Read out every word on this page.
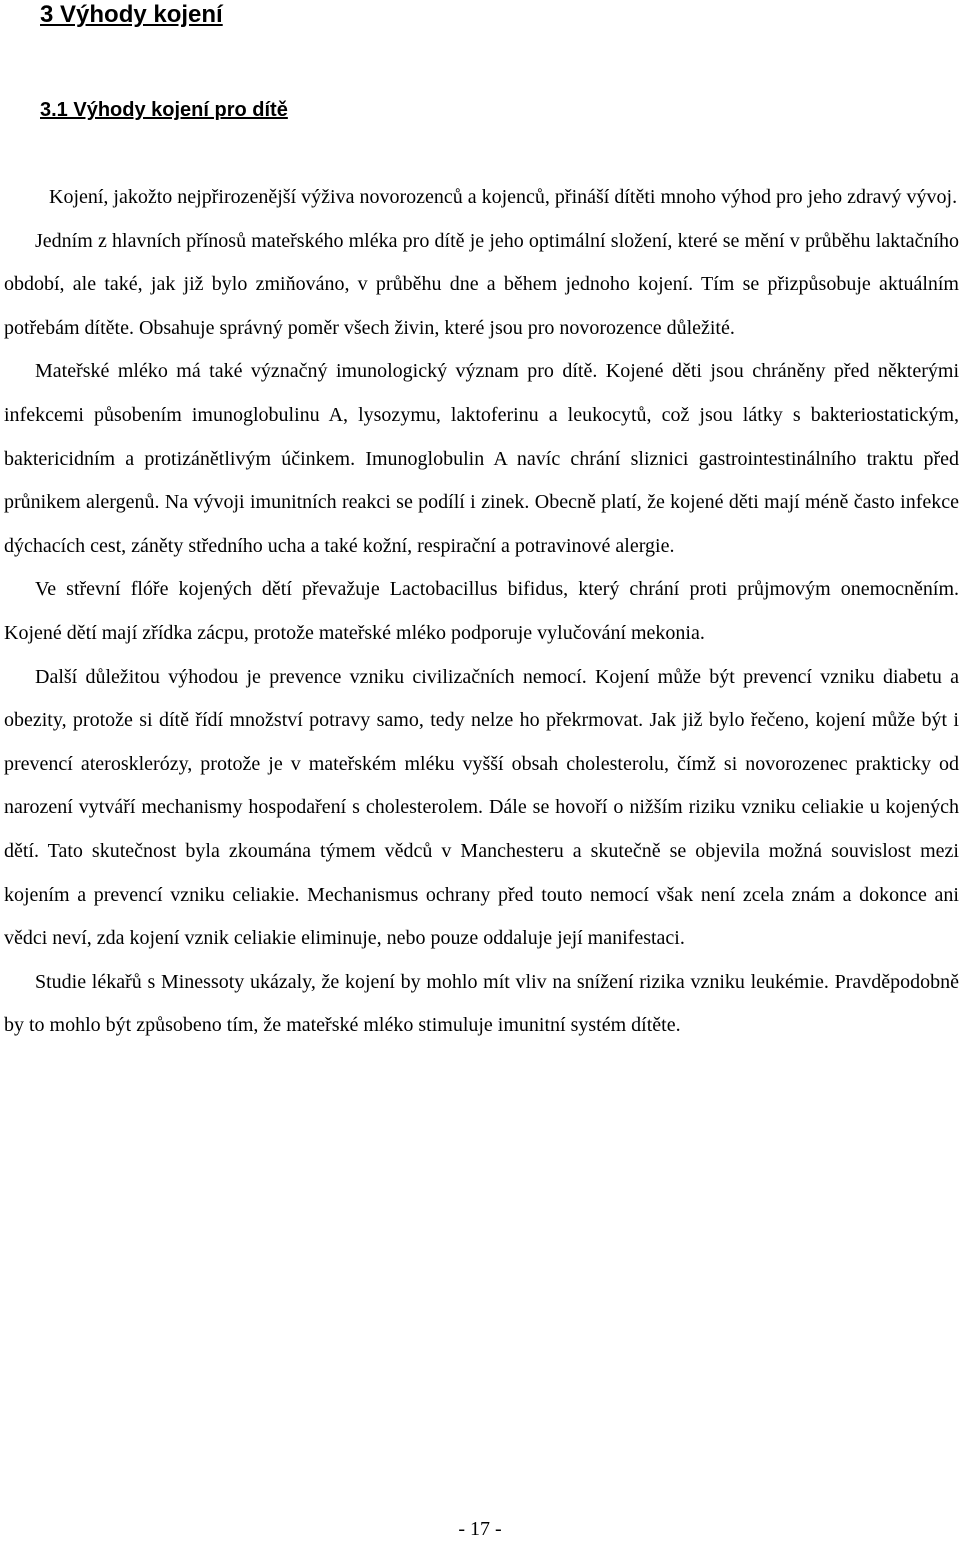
3 Výhody kojení
3.1 Výhody kojení pro dítě

Kojení, jakožto nejpřirozenější výživa novorozenců a kojenců, přináší dítěti mnoho výhod pro jeho zdravý vývoj.

Jedním z hlavních přínosů mateřského mléka pro dítě je jeho optimální složení, které se mění v průběhu laktačního období, ale také, jak již bylo zmiňováno, v průběhu dne a během jednoho kojení. Tím se přizpůsobuje aktuálním potřebám dítěte. Obsahuje správný poměr všech živin, které jsou pro novorozence důležité.

Mateřské mléko má také význačný imunologický význam pro dítě. Kojené děti jsou chráněny před některými infekcemi působením imunoglobulinu A, lysozymu, laktoferinu a leukocytů, což jsou látky s bakteriostatickým, baktericidním a protizánětlivým účinkem. Imunoglobulin A navíc chrání sliznici gastrointestinálního traktu před průnikem alergenů. Na vývoji imunitních reakci se podílí i zinek. Obecně platí, že kojené děti mají méně často infekce dýchacích cest, záněty středního ucha a také kožní, respirační a potravinové alergie.

Ve střevní flóře kojených dětí převažuje Lactobacillus bifidus, který chrání proti průjmovým onemocněním. Kojené dětí mají zřídka zácpu, protože mateřské mléko podporuje vylučování mekonia.

Další důležitou výhodou je prevence vzniku civilizačních nemocí. Kojení může být prevencí vzniku diabetu a obezity, protože si dítě řídí množství potravy samo, tedy nelze ho překrmovat. Jak již bylo řečeno, kojení může být i prevencí aterosklerózy, protože je v mateřském mléku vyšší obsah cholesterolu, čímž si novorozenec prakticky od narození vytváří mechanismy hospodaření s cholesterolem. Dále se hovoří o nižším riziku vzniku celiakie u kojených dětí. Tato skutečnost byla zkoumána týmem vědců v Manchesteru a skutečně se objevila možná souvislost mezi kojením a prevencí vzniku celiakie. Mechanismus ochrany před touto nemocí však není zcela znám a dokonce ani vědci neví, zda kojení vznik celiakie eliminuje, nebo pouze oddaluje její manifestaci.

Studie lékařů s Minessoty ukázaly, že kojení by mohlo mít vliv na snížení rizika vzniku leukémie. Pravděpodobně by to mohlo být způsobeno tím, že mateřské mléko stimuluje imunitní systém dítěte.

- 17 -
